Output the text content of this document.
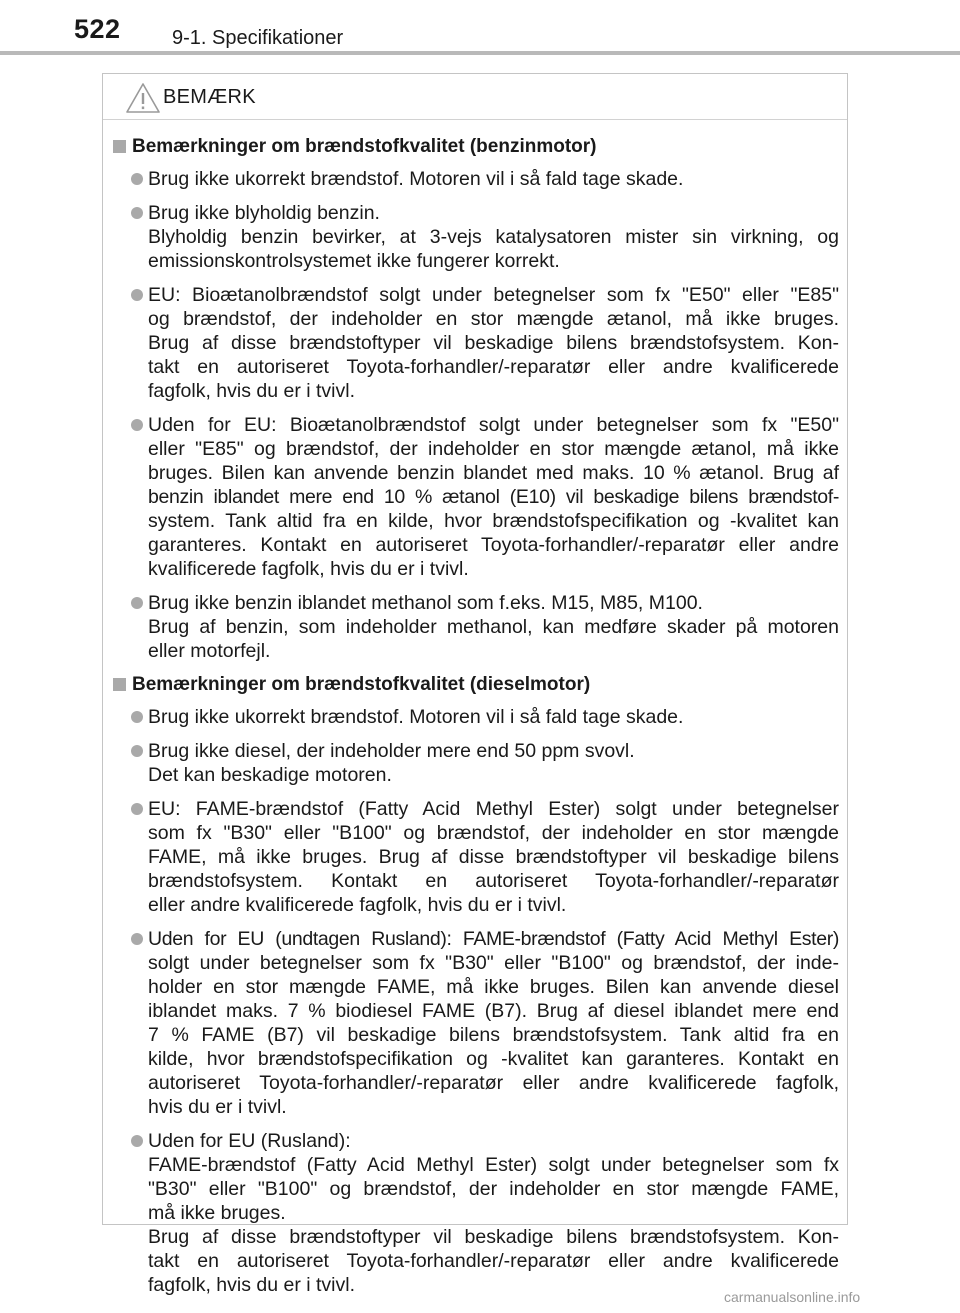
522	9-1. Specifikationer
BEMÆRK
Bemærkninger om brændstofkvalitet (benzinmotor)
Brug ikke ukorrekt brændstof. Motoren vil i så fald tage skade.
Brug ikke blyholdig benzin.
Blyholdig benzin bevirker, at 3-vejs katalysatoren mister sin virkning, og
emissionskontrolsystemet ikke fungerer korrekt.
EU: Bioætanolbrændstof solgt under betegnelser som fx "E50" eller "E85"
og brændstof, der indeholder en stor mængde ætanol, må ikke bruges.
Brug af disse brændstoftyper vil beskadige bilens brændstofsystem. Kon-
takt en autoriseret Toyota-forhandler/-reparatør eller andre kvalificerede
fagfolk, hvis du er i tvivl.
Uden for EU: Bioætanolbrændstof solgt under betegnelser som fx "E50"
eller "E85" og brændstof, der indeholder en stor mængde ætanol, må ikke
bruges. Bilen kan anvende benzin blandet med maks. 10 % ætanol. Brug af
benzin iblandet mere end 10 % ætanol (E10) vil beskadige bilens brændstof-
system. Tank altid fra en kilde, hvor brændstofspecifikation og -kvalitet kan
garanteres. Kontakt en autoriseret Toyota-forhandler/-reparatør eller andre
kvalificerede fagfolk, hvis du er i tvivl.
Brug ikke benzin iblandet methanol som f.eks. M15, M85, M100.
Brug af benzin, som indeholder methanol, kan medføre skader på motoren
eller motorfejl.
Bemærkninger om brændstofkvalitet (dieselmotor)
Brug ikke ukorrekt brændstof. Motoren vil i så fald tage skade.
Brug ikke diesel, der indeholder mere end 50 ppm svovl.
Det kan beskadige motoren.
EU: FAME-brændstof (Fatty Acid Methyl Ester) solgt under betegnelser
som fx "B30" eller "B100" og brændstof, der indeholder en stor mængde
FAME, må ikke bruges. Brug af disse brændstoftyper vil beskadige bilens
brændstofsystem. Kontakt en autoriseret Toyota-forhandler/-reparatør
eller andre kvalificerede fagfolk, hvis du er i tvivl.
Uden for EU (undtagen Rusland): FAME-brændstof (Fatty Acid Methyl Ester)
solgt under betegnelser som fx "B30" eller "B100" og brændstof, der inde-
holder en stor mængde FAME, må ikke bruges. Bilen kan anvende diesel
iblandet maks. 7 % biodiesel FAME (B7). Brug af diesel iblandet mere end
7 % FAME (B7) vil beskadige bilens brændstofsystem. Tank altid fra en
kilde, hvor brændstofspecifikation og -kvalitet kan garanteres. Kontakt en
autoriseret Toyota-forhandler/-reparatør eller andre kvalificerede fagfolk,
hvis du er i tvivl.
Uden for EU (Rusland):
FAME-brændstof (Fatty Acid Methyl Ester) solgt under betegnelser som fx
"B30" eller "B100" og brændstof, der indeholder en stor mængde FAME,
må ikke bruges.
Brug af disse brændstoftyper vil beskadige bilens brændstofsystem. Kon-
takt en autoriseret Toyota-forhandler/-reparatør eller andre kvalificerede
fagfolk, hvis du er i tvivl.
carmanualsonline.info
